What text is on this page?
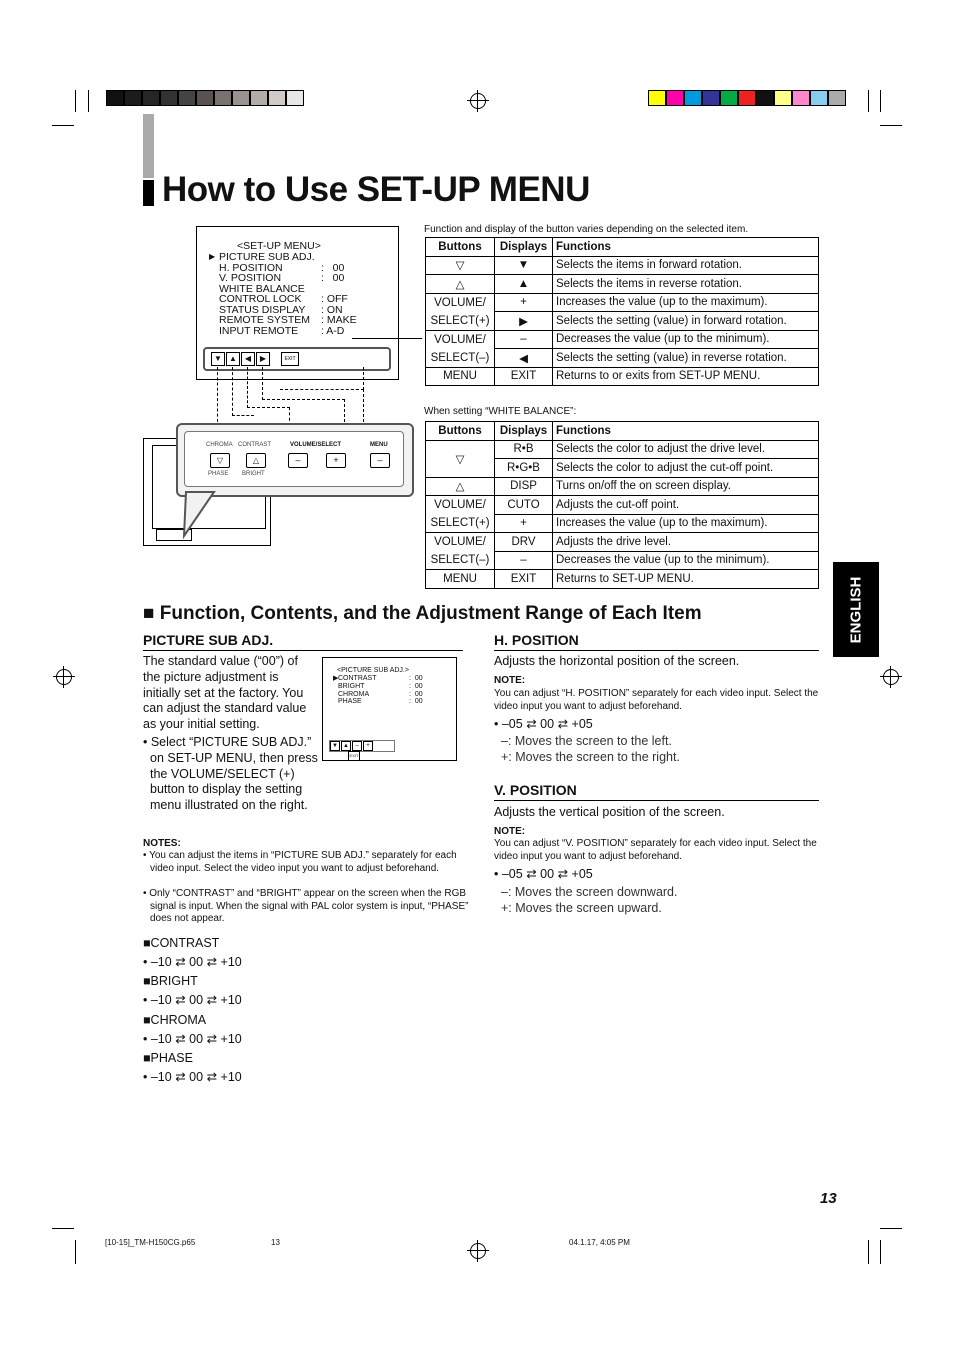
How to Use SET-UP MENU
<SET-UP MENU>
▶ PICTURE SUB ADJ.
H. POSITION	:   00
V. POSITION	:   00
WHITE BALANCE
CONTROL LOCK : OFF
STATUS DISPLAY : ON
REMOTE SYSTEM : MAKE
INPUT REMOTE : A-D
▼ ▲ ◀ ▶	EXIT
CHROMA CONTRAST	VOLUME/SELECT	MENU
PHASE BRIGHT
▽	△	–	+	–
Function and display of the button varies depending on the selected item.
Buttons	Displays	Functions
▽	▼	Selects the items in forward rotation.
△	▲	Selects the items in reverse rotation.
VOLUME/	+	Increases the value (up to the maximum).
SELECT(+)	▶	Selects the setting (value) in forward rotation.
VOLUME/	–	Decreases the value (up to the minimum).
SELECT(–)	◀	Selects the setting (value) in reverse rotation.
MENU	EXIT	Returns to or exits from SET-UP MENU.
When setting “WHITE BALANCE”:
Buttons	Displays	Functions
▽	R•B	Selects the color to adjust the drive level.
	R•G•B	Selects the color to adjust the cut-off point.
△	DISP	Turns on/off the on screen display.
VOLUME/	CUTO	Adjusts the cut-off point.
SELECT(+)	+	Increases the value (up to the maximum).
VOLUME/	DRV	Adjusts the drive level.
SELECT(–)	–	Decreases the value (up to the minimum).
MENU	EXIT	Returns to SET-UP MENU.	ENGLISH
■ Function, Contents, and the Adjustment Range of Each Item
PICTURE SUB ADJ.
The standard value (“00”) of the picture adjustment is initially set at the factory. You can adjust the standard value as your initial setting.
• Select “PICTURE SUB ADJ.” on SET-UP MENU, then press the VOLUME/SELECT (+) button to display the setting menu illustrated on the right.
<PICTURE SUB ADJ.>
▶ CONTRAST	:  00
BRIGHT	:  00
CHROMA	:  00
PHASE	:  00
▼ ▲ – +EXIT
NOTES:
• You can adjust the items in “PICTURE SUB ADJ.” separately for each video input. Select the video input you want to adjust beforehand.
• Only “CONTRAST” and “BRIGHT” appear on the screen when the RGB signal is input. When the signal with PAL color system is input, “PHASE” does not appear.
■CONTRAST
• –10 ⇄ 00 ⇄ +10
■BRIGHT
• –10 ⇄ 00 ⇄ +10
■CHROMA
• –10 ⇄ 00 ⇄ +10
■PHASE
• –10 ⇄ 00 ⇄ +10
H. POSITION
Adjusts the horizontal position of the screen.
NOTE:
You can adjust “H. POSITION” separately for each video input. Select the video input you want to adjust beforehand.
• –05 ⇄ 00 ⇄ +05
–: Moves the screen to the left.
+: Moves the screen to the right.
V. POSITION
Adjusts the vertical position of the screen.
NOTE:
You can adjust “V. POSITION” separately for each video input. Select the video input you want to adjust beforehand.
• –05 ⇄ 00 ⇄ +05
–: Moves the screen downward.
+: Moves the screen upward.
13
[10-15]_TM-H150CG.p65	13	04.1.17, 4:05 PM
